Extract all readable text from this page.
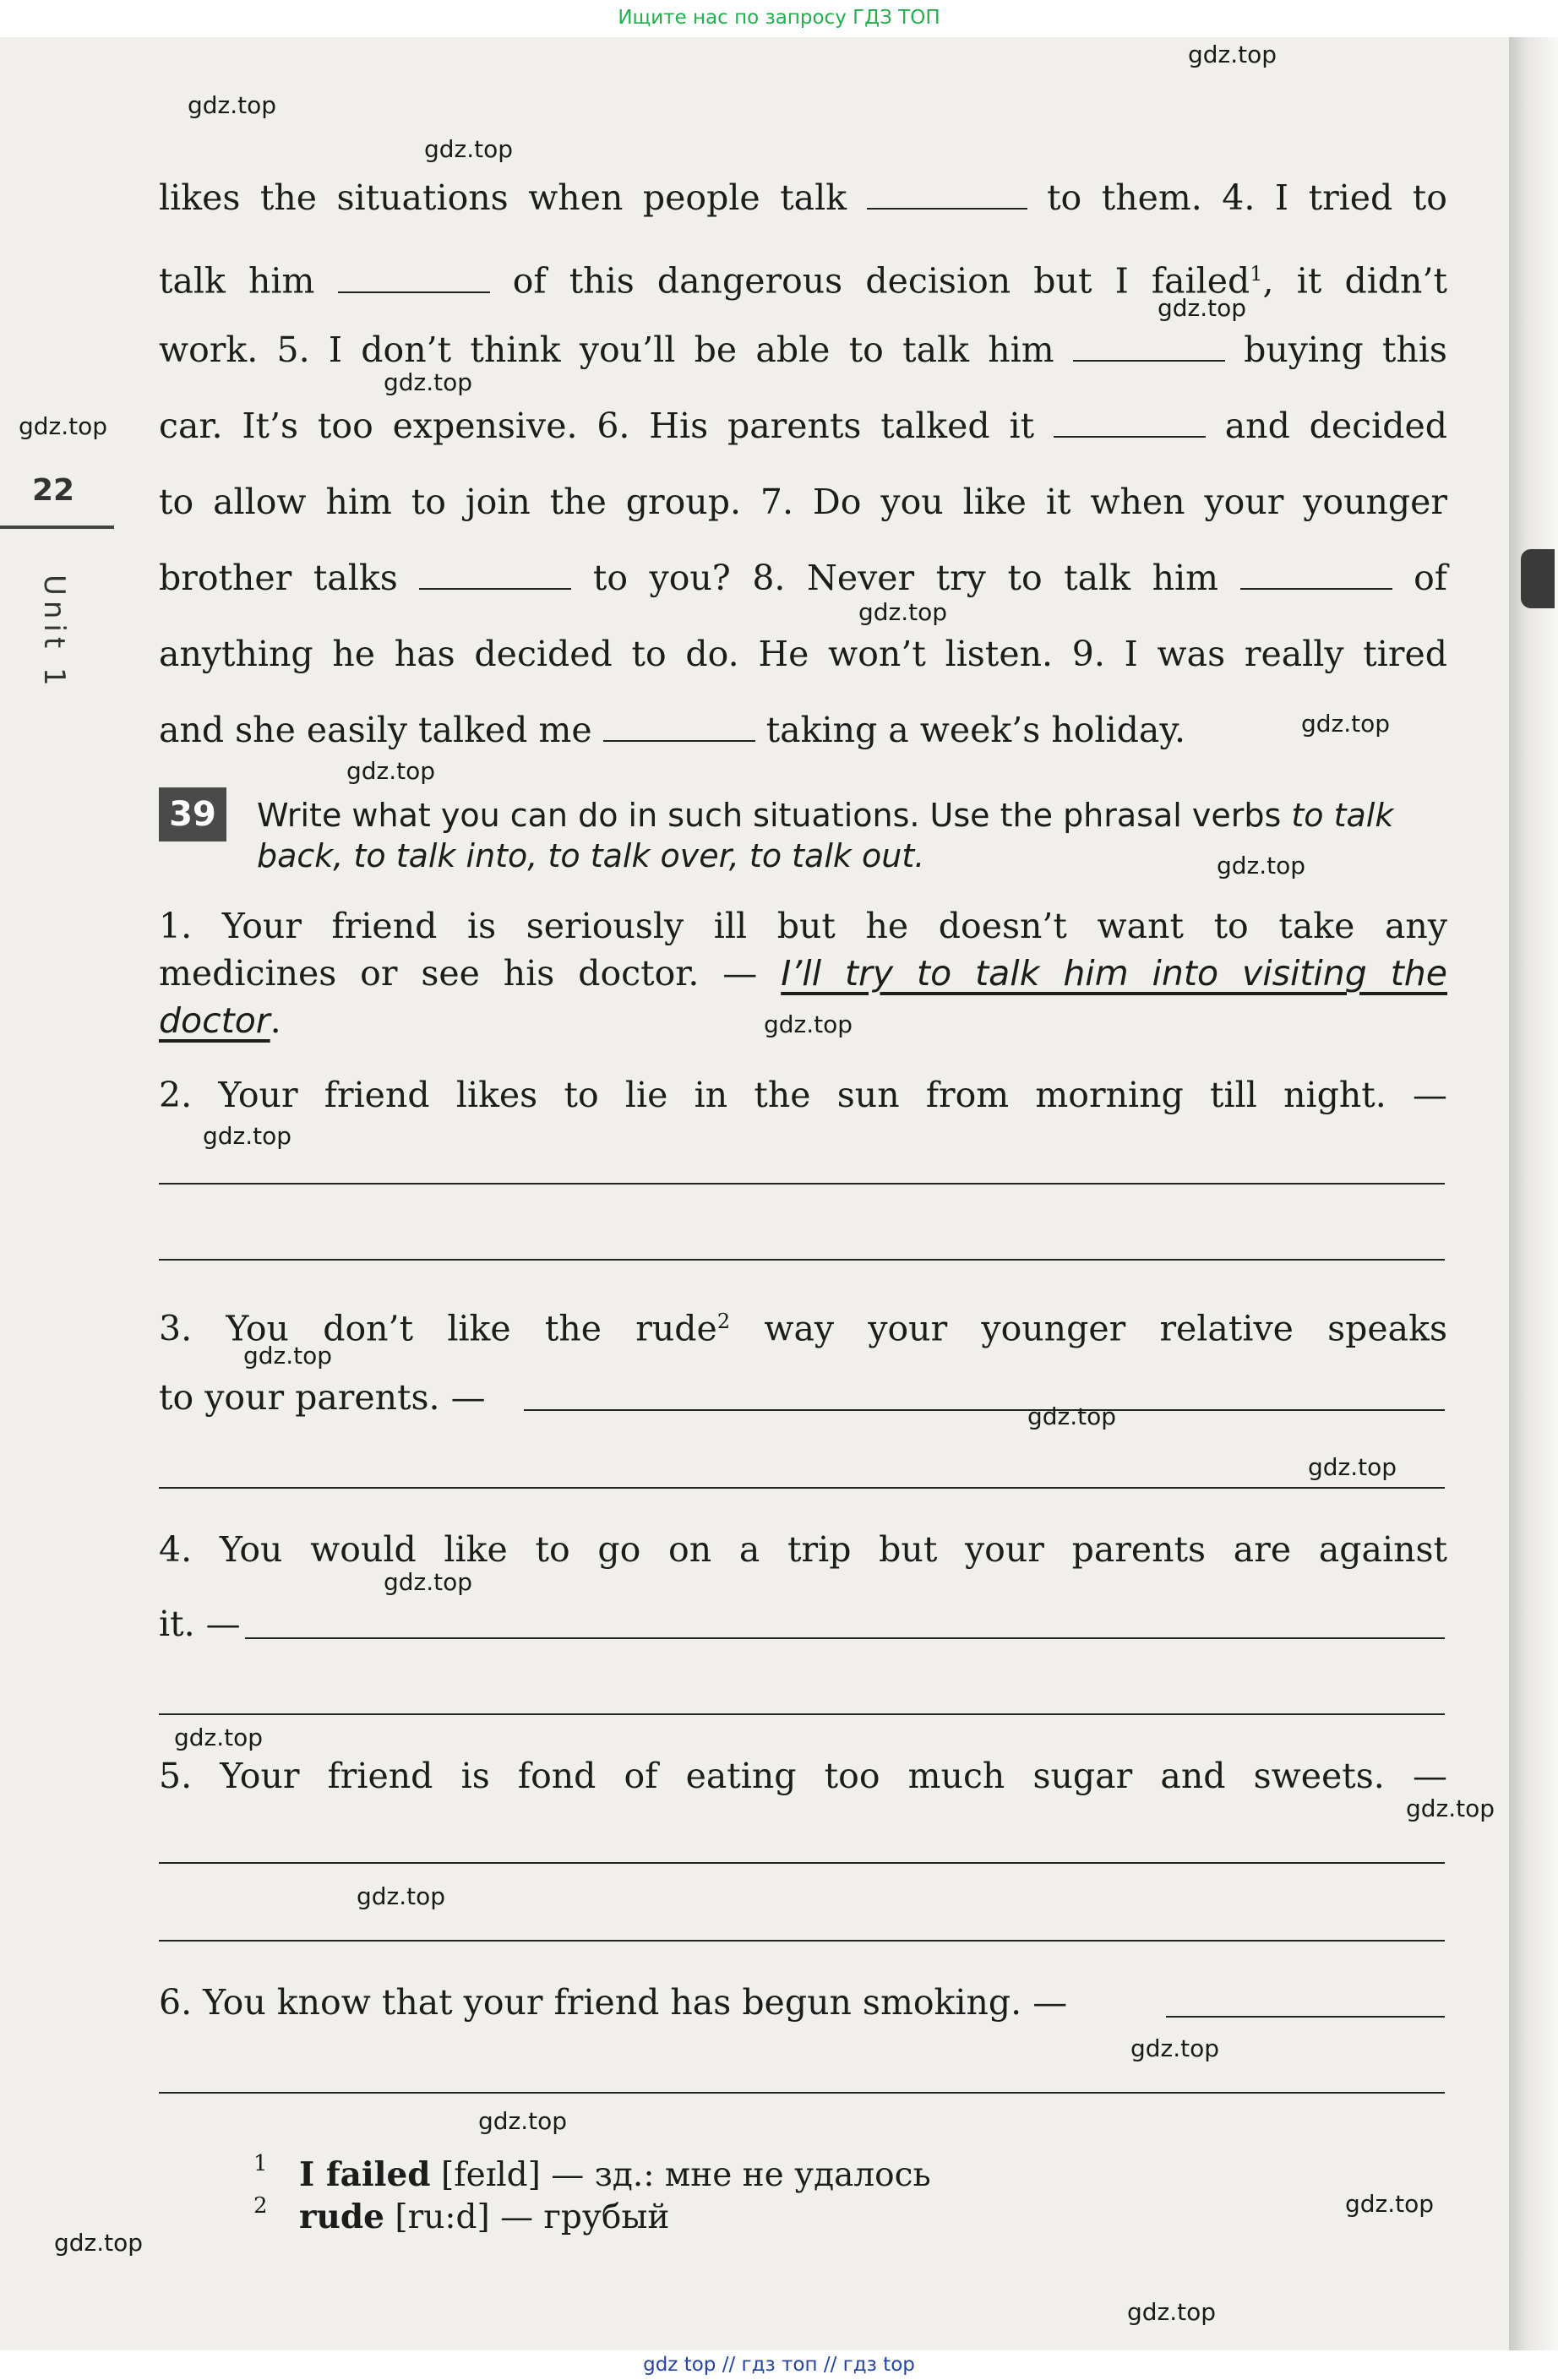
Ищите нас по запросу ГДЗ ТОП
22
Unit 1
likes the situations when people talk	to them. 4. I tried to
talk him	of this dangerous decision but I failed$^1$, it didn’t
work. 5. I don’t think you’ll be able to talk him	buying this
car. It’s too expensive. 6. His parents talked it	and decided
to allow him to join the group. 7. Do you like it when your younger
brother talks	to you? 8. Never try to talk him	of
anything he has decided to do. He won’t listen. 9. I was really tired
and she easily talked me	taking a week’s holiday.
39	Write what you can do in such situations. Use the phrasal verbs to talk
back, to talk into, to talk over, to talk out.
1. Your friend is seriously ill but he doesn’t want to take any
medicines or see his doctor. — I’ll try to talk him into visiting the
doctor.
2. Your friend likes to lie in the sun from morning till night. —
3. You don’t like the rude$^2$ way your younger relative speaks
to your parents. —
4. You would like to go on a trip but your parents are against
it. —
5. Your friend is fond of eating too much sugar and sweets. —
6. You know that your friend has begun smoking. —
1 I failed [feɪld] — зд.: мне не удалось
2 rude [ru:d] — грубый
gdz.top
gdz.top
gdz.top
gdz.top
gdz.top
gdz.top
gdz.top
gdz.top
gdz.top
gdz.top
gdz.top
gdz.top
gdz.top
gdz.top
gdz.top
gdz.top
gdz.top
gdz.top
gdz.top
gdz.top
gdz.top
gdz.top
gdz.top
gdz.top
gdz top // гдз топ // гдз top
